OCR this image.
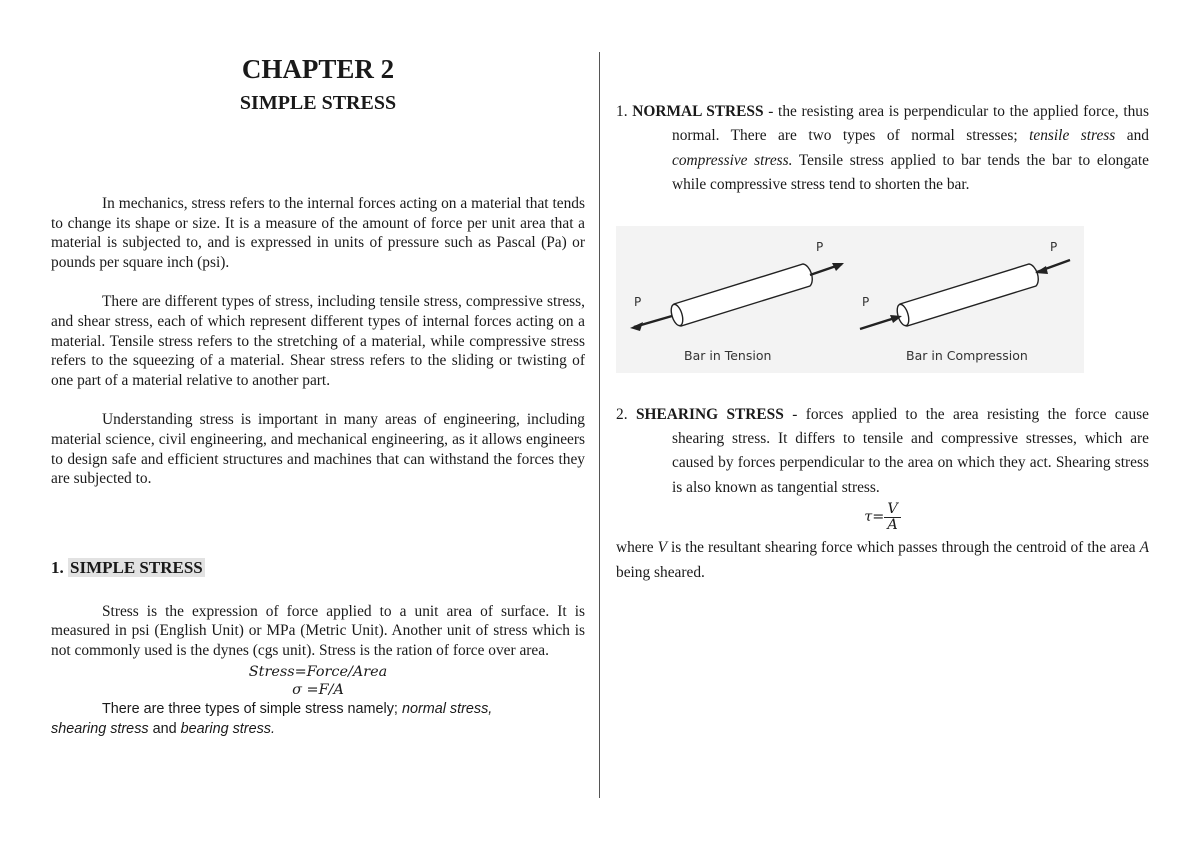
CHAPTER 2
SIMPLE STRESS

In mechanics, stress refers to the internal forces acting on a material that tends to change its shape or size. It is a measure of the amount of force per unit area that a material is subjected to, and is expressed in units of pressure such as Pascal (Pa) or pounds per square inch (psi).

There are different types of stress, including tensile stress, compressive stress, and shear stress, each of which represent different types of internal forces acting on a material. Tensile stress refers to the stretching of a material, while compressive stress refers to the squeezing of a material. Shear stress refers to the sliding or twisting of one part of a material relative to another part.

Understanding stress is important in many areas of engineering, including material science, civil engineering, and mechanical engineering, as it allows engineers to design safe and efficient structures and machines that can withstand the forces they are subjected to.

1. SIMPLE STRESS

Stress is the expression of force applied to a unit area of surface. It is measured in psi (English Unit) or MPa (Metric Unit). Another unit of stress which is not commonly used is the dynes (cgs unit). Stress is the ration of force over area.

Stress=Force/Area
σ =F/A

There are three types of simple stress namely; normal stress,

shearing stress and bearing stress.

1. NORMAL STRESS - the resisting area is perpendicular to the applied force, thus normal. There are two types of normal stresses; tensile stress and compressive stress. Tensile stress applied to bar tends the bar to elongate while compressive stress tend to shorten the bar.

P
P
Bar in Tension
P
P
Bar in Compression

2. SHEARING STRESS - forces applied to the area resisting the force cause shearing stress. It differs to tensile and compressive stresses, which are caused by forces perpendicular to the area on which they act. Shearing stress is also known as tangential stress.

$\tau= \frac{V}{A}$

where V is the resultant shearing force which passes through the centroid of the area A being sheared.
